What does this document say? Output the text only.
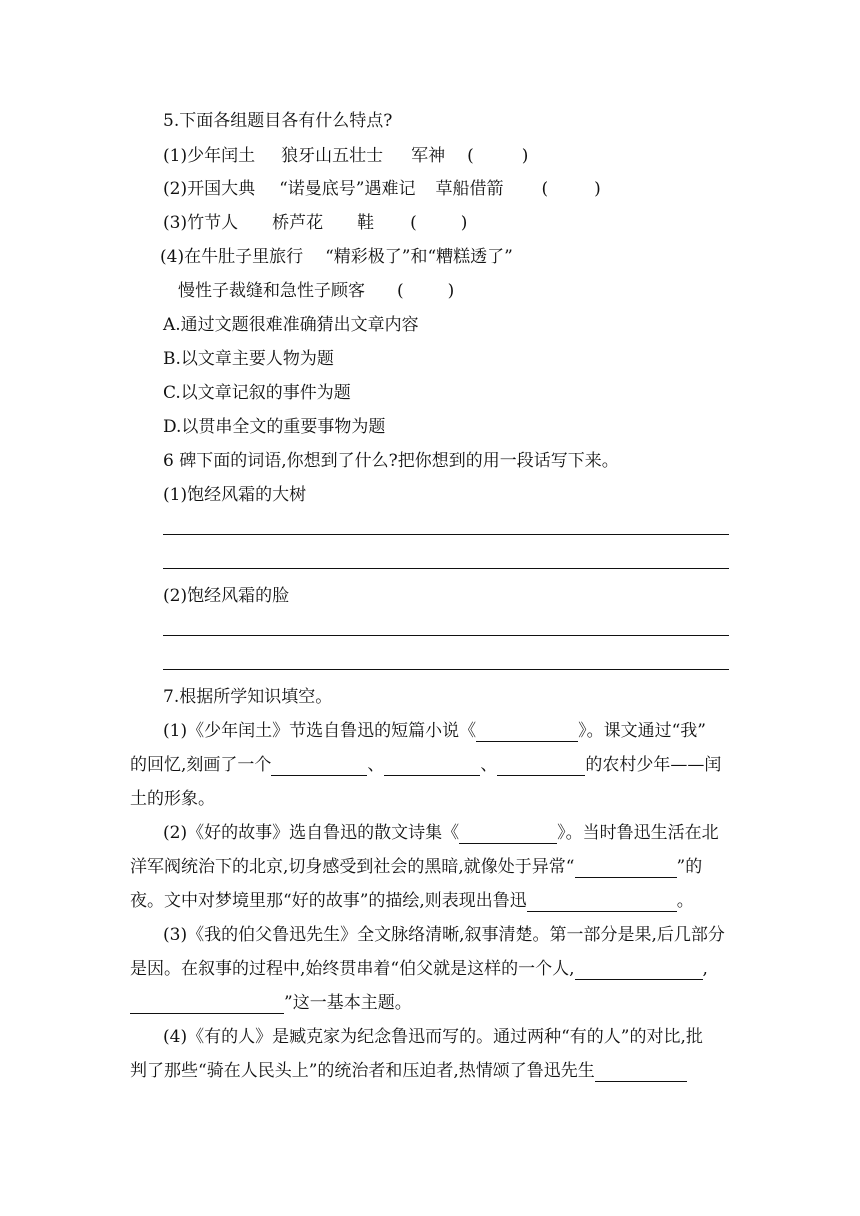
5.下面各组题目各有什么特点?
(1)少年闰土 狼牙山五壮士 军神 (	)
(2)开国大典 “诺曼底号”遇难记 草船借箭 (	)
(3)竹节人 桥芦花 鞋 (	)
(4)在牛肚子里旅行 “精彩极了”和“糟糕透了”
慢性子裁缝和急性子顾客 (	)
A.通过文题很难准确猜出文章内容
B.以文章主要人物为题
C.以文章记叙的事件为题
D.以贯串全文的重要事物为题
6 碑下面的词语,你想到了什么?把你想到的用一段话写下来。
(1)饱经风霜的大树
(2)饱经风霜的脸
7.根据所学知识填空。
(1)《少年闰土》节选自鲁迅的短篇小说《	》。课文通过“我”
的回忆,刻画了一个	、	、	的农村少年——闰
土的形象。
(2)《好的故事》选自鲁迅的散文诗集《	》。当时鲁迅生活在北
洋军阀统治下的北京,切身感受到社会的黑暗,就像处于异常“	”的
夜。文中对梦境里那“好的故事”的描绘,则表现出鲁迅	。
(3)《我的伯父鲁迅先生》全文脉络清晰,叙事清楚。第一部分是果,后几部分
是因。在叙事的过程中,始终贯串着“伯父就是这样的一个人,	,
”这一基本主题。
(4)《有的人》是臧克家为纪念鲁迅而写的。通过两种“有的人”的对比,批
判了那些“骑在人民头上”的统治者和压迫者,热情颂了鲁迅先生
